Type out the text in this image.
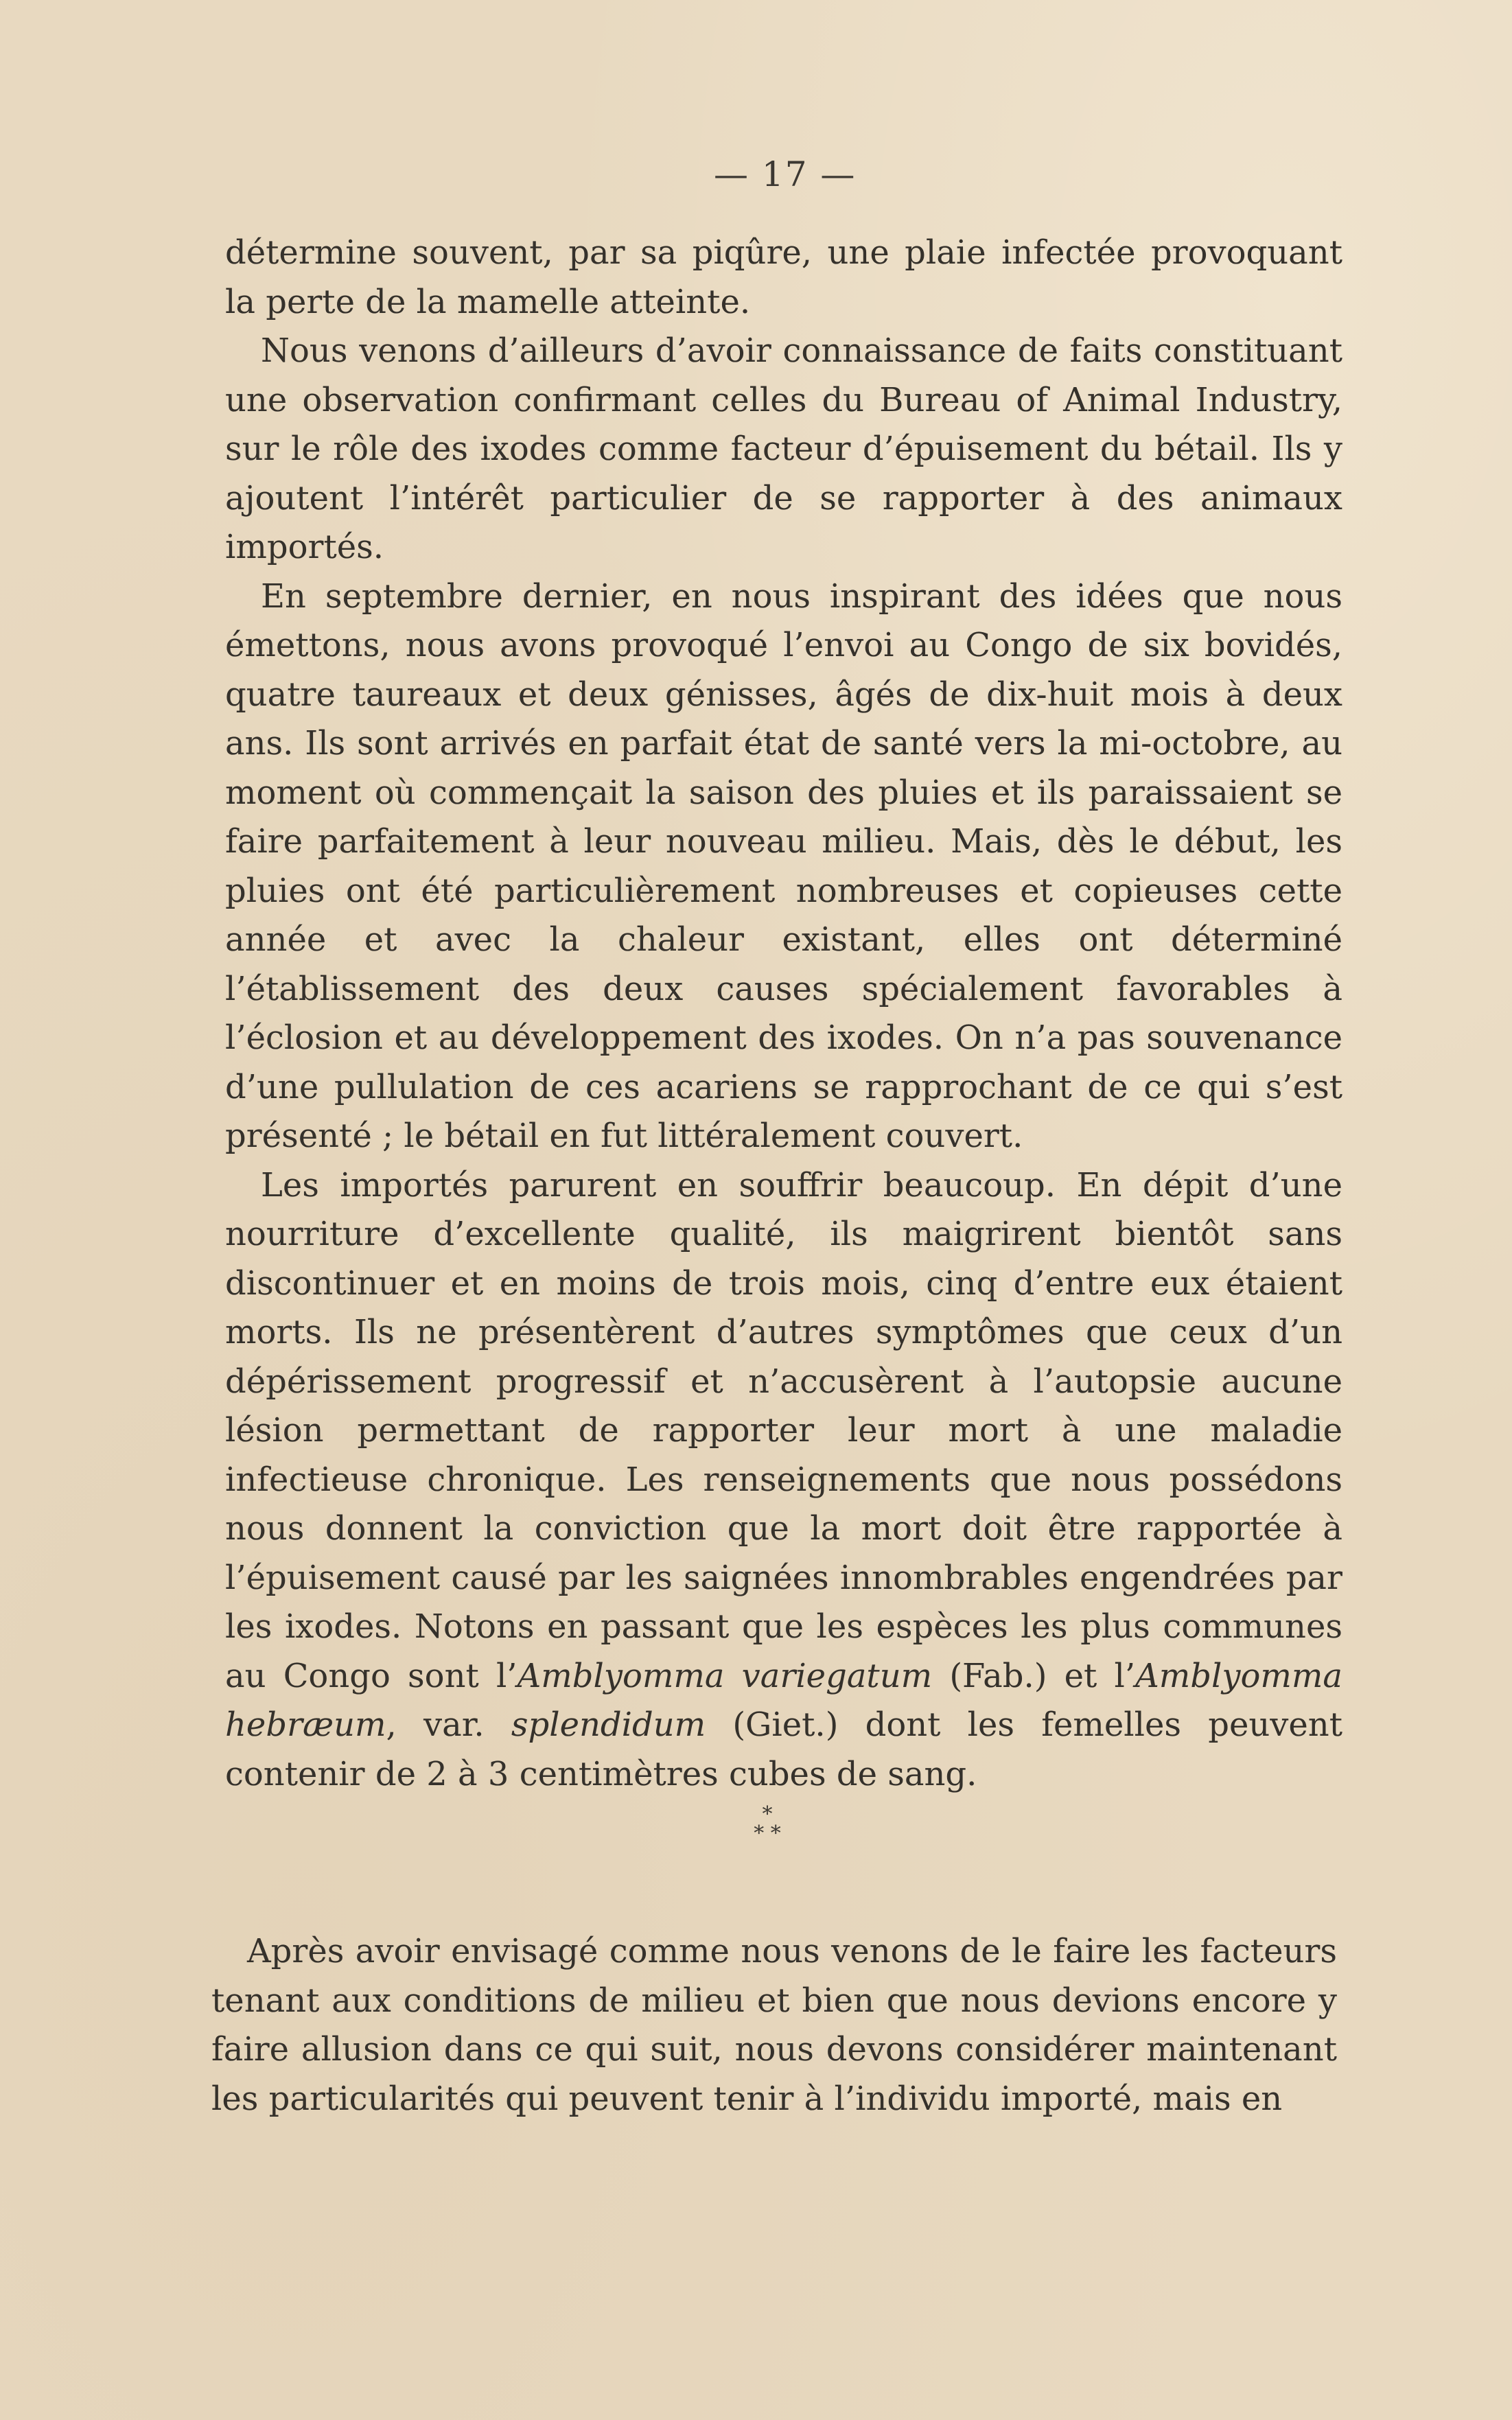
— 17 —

détermine souvent, par sa piqûre, une plaie infectée provoquant la perte de la mamelle atteinte.

Nous venons d’ailleurs d’avoir connaissance de faits constituant une observation confirmant celles du Bureau of Animal Industry, sur le rôle des ixodes comme facteur d’épuisement du bétail. Ils y ajoutent l’intérêt particulier de se rapporter à des animaux importés.

En septembre dernier, en nous inspirant des idées que nous émettons, nous avons provoqué l’envoi au Congo de six bovidés, quatre taureaux et deux génisses, âgés de dix-huit mois à deux ans. Ils sont arrivés en parfait état de santé vers la mi-octobre, au moment où commençait la saison des pluies et ils paraissaient se faire parfaitement à leur nouveau milieu. Mais, dès le début, les pluies ont été particulièrement nombreuses et copieuses cette année et avec la chaleur existant, elles ont déterminé l’établissement des deux causes spécialement favorables à l’éclosion et au développement des ixodes. On n’a pas souvenance d’une pullulation de ces acariens se rapprochant de ce qui s’est présenté ; le bétail en fut littéralement couvert.

Les importés parurent en souffrir beaucoup. En dépit d’une nourriture d’excellente qualité, ils maigrirent bientôt sans discontinuer et en moins de trois mois, cinq d’entre eux étaient morts. Ils ne présentèrent d’autres symptômes que ceux d’un dépérissement progressif et n’accusèrent à l’autopsie aucune lésion permettant de rapporter leur mort à une maladie infectieuse chronique. Les renseignements que nous possédons nous donnent la conviction que la mort doit être rapportée à l’épuisement causé par les saignées innombrables engendrées par les ixodes. Notons en passant que les espèces les plus communes au Congo sont l’Amblyomma variegatum (Fab.) et l’Amblyomma hebræum, var. splendidum (Giet.) dont les femelles peuvent contenir de 2 à 3 centimètres cubes de sang.

*
* *

Après avoir envisagé comme nous venons de le faire les facteurs tenant aux conditions de milieu et bien que nous devions encore y faire allusion dans ce qui suit, nous devons considérer maintenant les particularités qui peuvent tenir à l’individu importé, mais en
